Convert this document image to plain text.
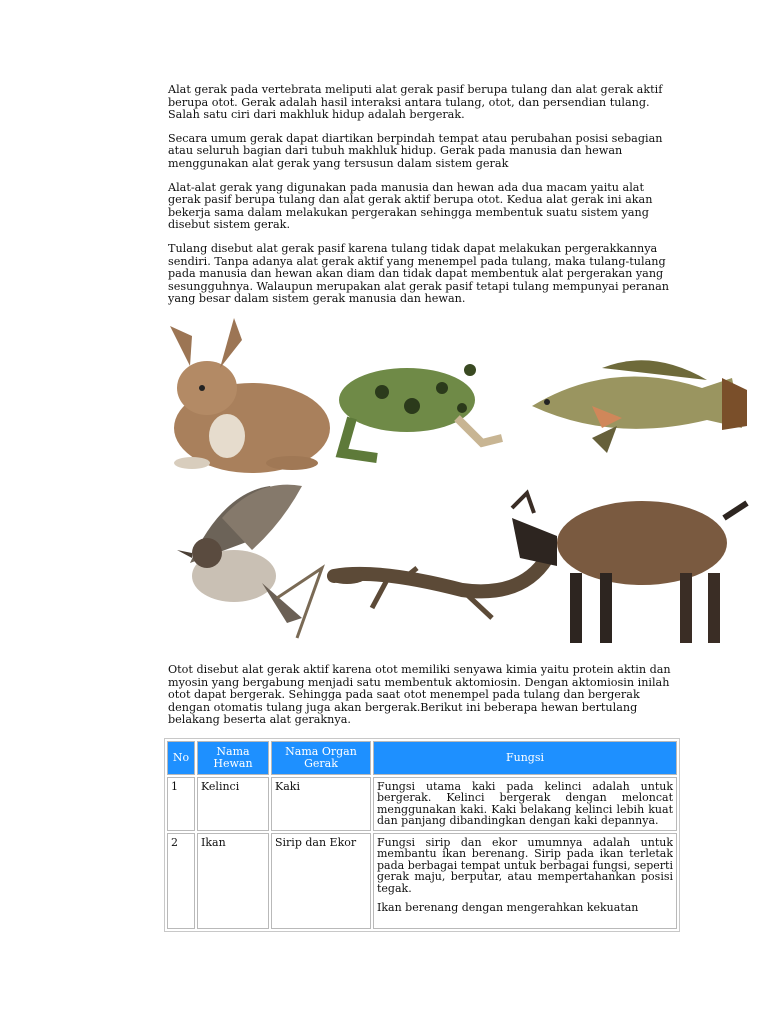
Alat gerak pada vertebrata meliputi alat gerak pasif berupa tulang dan alat gerak aktif berupa otot. Gerak adalah hasil interaksi antara tulang, otot, dan persendian tulang. Salah satu ciri dari makhluk hidup adalah bergerak.

Secara umum gerak dapat diartikan berpindah tempat atau perubahan posisi sebagian atau seluruh bagian dari tubuh makhluk hidup. Gerak pada manusia dan hewan menggunakan alat gerak yang tersusun dalam sistem gerak

Alat-alat gerak yang digunakan pada manusia dan hewan ada dua macam yaitu alat gerak pasif berupa tulang dan alat gerak aktif berupa otot. Kedua alat gerak ini akan bekerja sama dalam melakukan pergerakan sehingga membentuk suatu sistem yang disebut sistem gerak.

Tulang disebut alat gerak pasif karena tulang tidak dapat melakukan pergerakkannya sendiri. Tanpa adanya alat gerak aktif yang menempel pada tulang, maka tulang-tulang pada manusia dan hewan akan diam dan tidak dapat membentuk alat pergerakan yang sesungguhnya. Walaupun merupakan alat gerak pasif tetapi tulang mempunyai peranan yang besar dalam sistem gerak manusia dan hewan.

Otot disebut alat gerak aktif karena otot memiliki senyawa kimia yaitu protein aktin dan myosin yang bergabung menjadi satu membentuk aktomiosin. Dengan aktomiosin inilah otot dapat bergerak. Sehingga pada saat otot menempel pada tulang dan bergerak dengan otomatis tulang juga akan bergerak.Berikut ini beberapa hewan bertulang belakang beserta alat geraknya.

No	Nama Hewan	Nama Organ Gerak	Fungsi
1	Kelinci	Kaki	Fungsi utama kaki pada kelinci adalah untuk bergerak. Kelinci bergerak dengan meloncat menggunakan kaki. Kaki belakang kelinci lebih kuat dan panjang dibandingkan dengan kaki depannya.
2	Ikan	Sirip dan Ekor	Fungsi sirip dan ekor umumnya adalah untuk membantu ikan berenang. Sirip pada ikan terletak pada berbagai tempat untuk berbagai fungsi, seperti gerak maju, berputar, atau mempertahankan posisi tegak.

Ikan berenang dengan mengerahkan kekuatan
